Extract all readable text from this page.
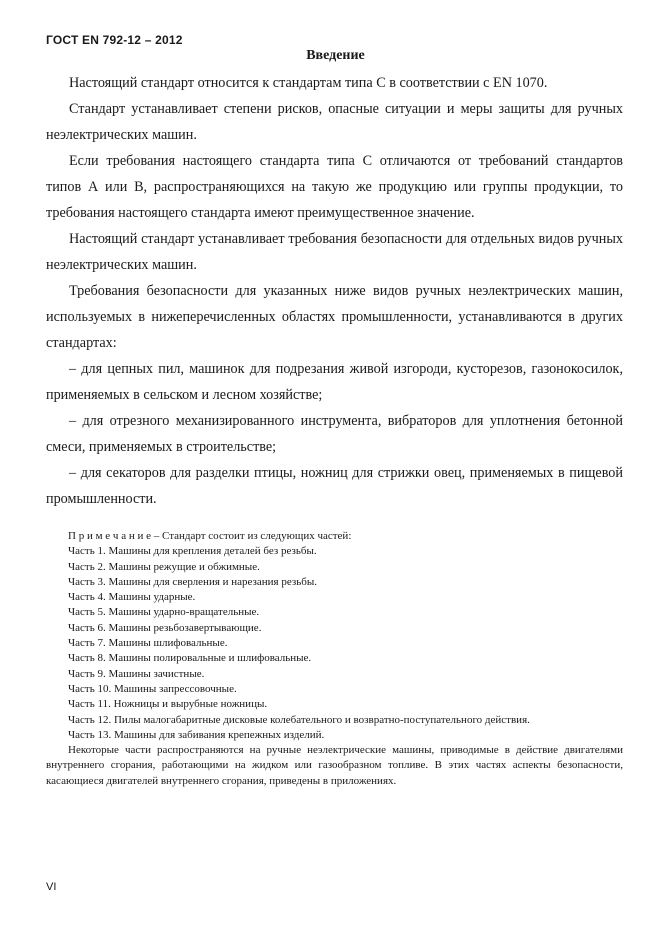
ГОСТ EN 792-12 – 2012
Введение

Настоящий стандарт относится к стандартам типа С в соответствии с EN 1070.

Стандарт устанавливает степени рисков, опасные ситуации и меры защиты для ручных неэлектрических машин.

Если требования настоящего стандарта типа С отличаются от требований стандартов типов А или В, распространяющихся на такую же продукцию или группы продукции, то требования настоящего стандарта имеют преимущественное значение.

Настоящий стандарт устанавливает требования безопасности для отдельных видов ручных неэлектрических машин.

Требования безопасности для указанных ниже видов ручных неэлектрических машин, используемых в нижеперечисленных областях промышленности, устанавливаются в других стандартах:

– для цепных пил, машинок для подрезания живой изгороди, кусторезов, газонокосилок, применяемых в сельском и лесном хозяйстве;

– для отрезного механизированного инструмента, вибраторов для уплотнения бетонной смеси, применяемых в строительстве;

– для секаторов для разделки птицы, ножниц для стрижки овец, применяемых в пищевой промышленности.

П р и м е ч а н и е – Стандарт состоит из следующих частей:

Часть 1. Машины для крепления деталей без резьбы.

Часть 2. Машины режущие и обжимные.

Часть 3. Машины для сверления и нарезания резьбы.

Часть 4. Машины ударные.

Часть 5. Машины ударно-вращательные.

Часть 6. Машины резьбозавертывающие.

Часть 7. Машины шлифовальные.

Часть 8. Машины полировальные и шлифовальные.

Часть 9. Машины зачистные.

Часть 10. Машины запрессовочные.

Часть 11. Ножницы и вырубные ножницы.

Часть 12. Пилы малогабаритные дисковые колебательного и возвратно-поступательного действия.

Часть 13. Машины для забивания крепежных изделий.

Некоторые части распространяются на ручные неэлектрические машины, приводимые в действие двигателями внутреннего сгорания, работающими на жидком или газообразном топливе. В этих частях аспекты безопасности, касающиеся двигателей внутреннего сгорания, приведены в приложениях.

VI
